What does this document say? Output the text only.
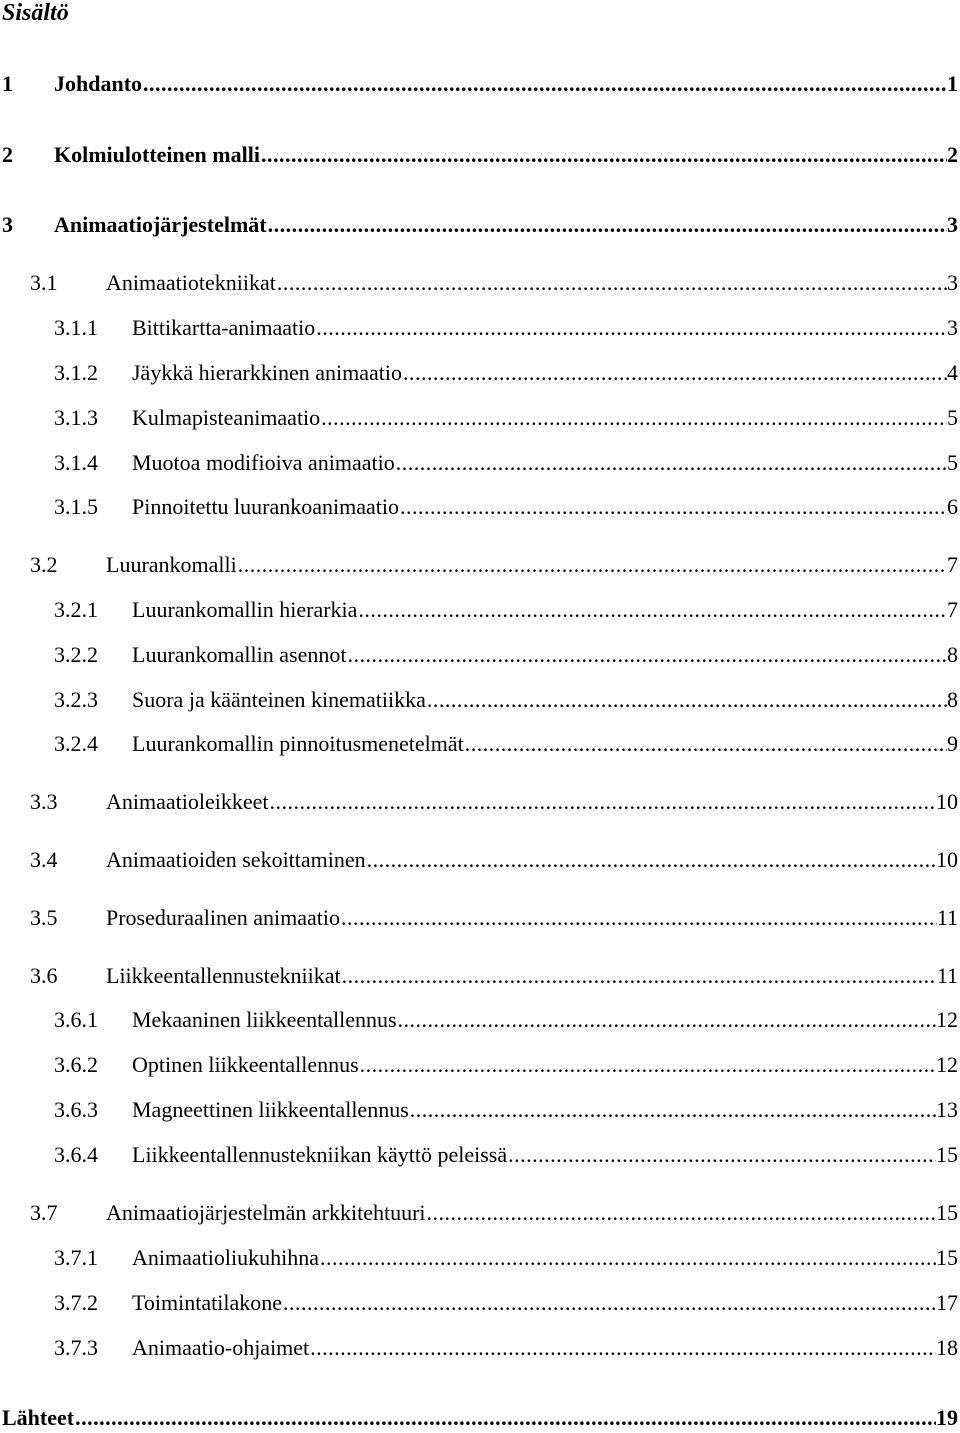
Sisältö
1 Johdanto .....	1
2 Kolmiulotteinen malli .....	2
3 Animaatiojärjestelmät .....	3
3.1 Animaatiotekniikat .....	3
3.1.1 Bittikartta-animaatio .....	3
3.1.2 Jäykkä hierarkkinen animaatio .....	4
3.1.3 Kulmapisteanimaatio .....	5
3.1.4 Muotoa modifioiva animaatio .....	5
3.1.5 Pinnoitettu luurankoanimaatio .....	6
3.2 Luurankomalli .....	7
3.2.1 Luurankomallin hierarkia .....	7
3.2.2 Luurankomallin asennot .....	8
3.2.3 Suora ja käänteinen kinematiikka .....	8
3.2.4 Luurankomallin pinnoitusmenetelmät .....	9
3.3 Animaatioleikkeet .....	10
3.4 Animaatioiden sekoittaminen .....	10
3.5 Proseduraalinen animaatio .....	11
3.6 Liikkeentallennustekniikat .....	11
3.6.1 Mekaaninen liikkeentallennus .....	12
3.6.2 Optinen liikkeentallennus .....	12
3.6.3 Magneettinen liikkeentallennus .....	13
3.6.4 Liikkeentallennustekniikan käyttö peleissä .....	15
3.7 Animaatiojärjestelmän arkkitehtuuri .....	15
3.7.1 Animaatioliukuhihna .....	15
3.7.2 Toimintatilakone .....	17
3.7.3 Animaatio-ohjaimet .....	18
Lähteet .....	19
